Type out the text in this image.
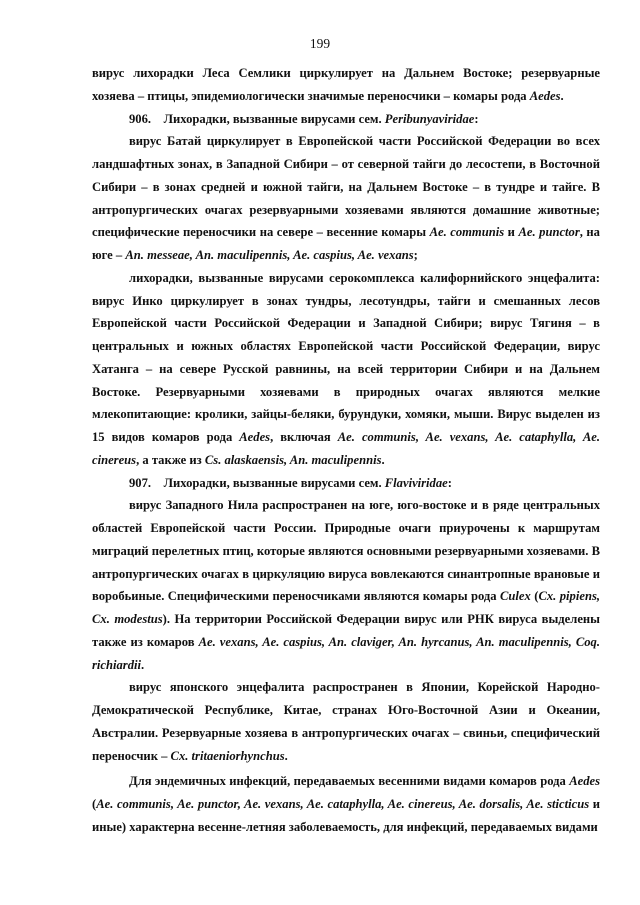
199

вирус лихорадки Леса Семлики циркулирует на Дальнем Востоке; резервуарные хозяева – птицы, эпидемиологически значимые переносчики – комары рода Aedes.

906.    Лихорадки, вызванные вирусами сем. Peribunyaviridae:

вирус Батай циркулирует в Европейской части Российской Федерации во всех ландшафтных зонах, в Западной Сибири – от северной тайги до лесостепи, в Восточной Сибири – в зонах средней и южной тайги, на Дальнем Востоке – в тундре и тайге. В антропургических очагах резервуарными хозяевами являются домашние животные; специфические переносчики на севере – весенние комары Ae. communis и Ae. punctor, на юге – An. messeae, An. maculipennis, Ae. caspius, Ae. vexans;

лихорадки, вызванные вирусами серокомплекса калифорнийского энцефалита: вирус Инко циркулирует в зонах тундры, лесотундры, тайги и смешанных лесов Европейской части Российской Федерации и Западной Сибири; вирус Тягиня – в центральных и южных областях Европейской части Российской Федерации, вирус Хатанга – на севере Русской равнины, на всей территории Сибири и на Дальнем Востоке. Резервуарными хозяевами в природных очагах являются мелкие млекопитающие: кролики, зайцы-беляки, бурундуки, хомяки, мыши. Вирус выделен из 15 видов комаров рода Aedes, включая Ae. communis, Ae. vexans, Ae. cataphylla, Ae. cinereus, а также из Cs. alaskaensis, An. maculipennis.

907.    Лихорадки, вызванные вирусами сем. Flaviviridae:

вирус Западного Нила распространен на юге, юго-востоке и в ряде центральных областей Европейской части России. Природные очаги приурочены к маршрутам миграций перелетных птиц, которые являются основными резервуарными хозяевами. В антропургических очагах в циркуляцию вируса вовлекаются синантропные врановые и воробьиные. Специфическими переносчиками являются комары рода Culex (Cx. pipiens, Cx. modestus). На территории Российской Федерации вирус или РНК вируса выделены также из комаров Ae. vexans, Ae. caspius, An. claviger, An. hyrcanus, An. maculipennis, Coq. richiardii.

вирус японского энцефалита распространен в Японии, Корейской Народно-Демократической Республике, Китае, странах Юго-Восточной Азии и Океании, Австралии. Резервуарные хозяева в антропургических очагах – свиньи, специфический переносчик – Cx. tritaeniorhynchus.

Для эндемичных инфекций, передаваемых весенними видами комаров рода Aedes (Ae. communis, Ae. punctor, Ae. vexans, Ae. cataphylla, Ae. cinereus, Ae. dorsalis, Ae. sticticus и иные) характерна весенне-летняя заболеваемость, для инфекций, передаваемых видами
